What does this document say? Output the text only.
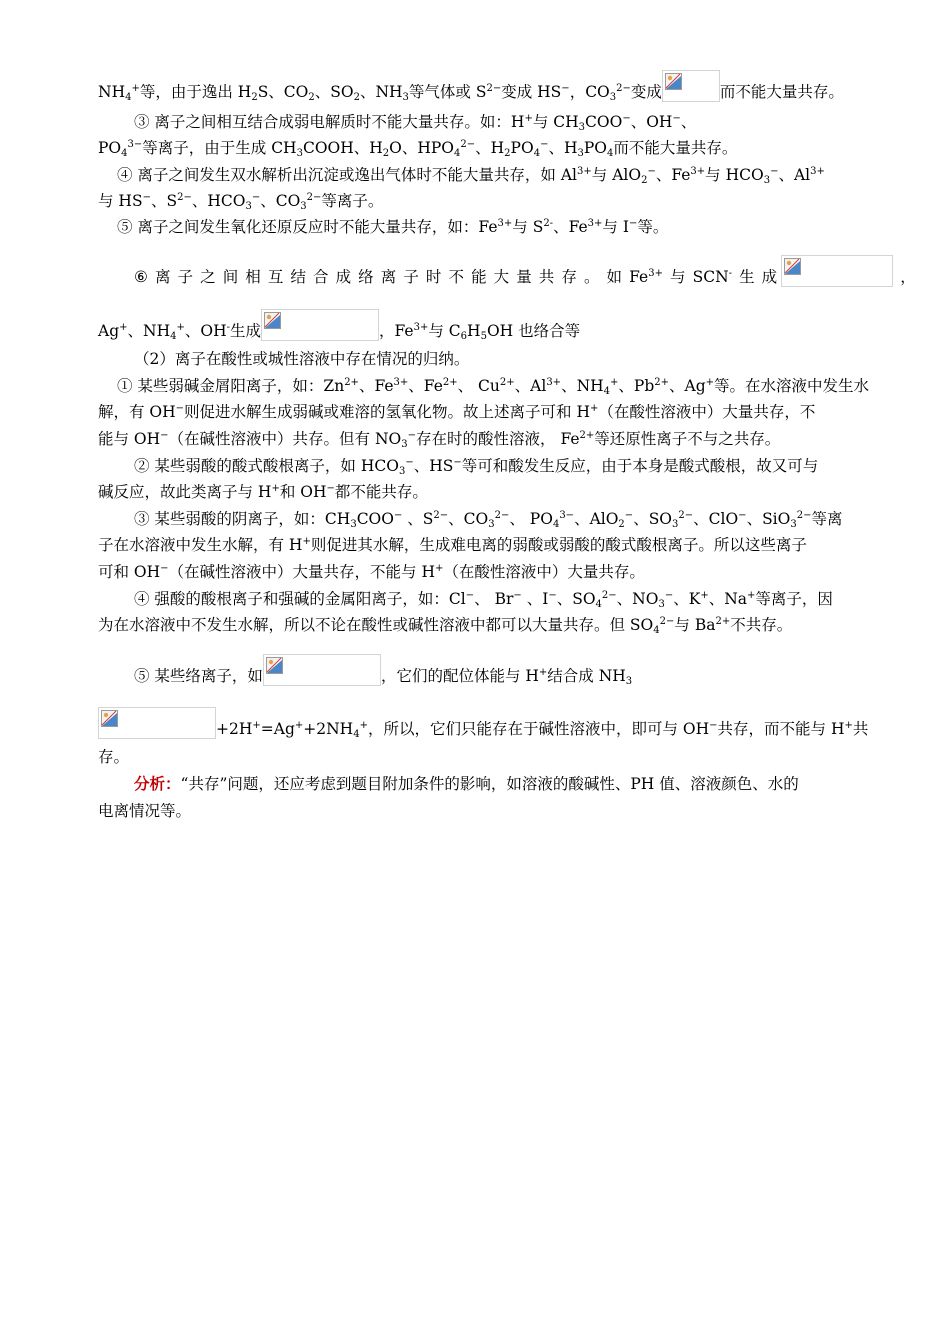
$NH_4^+$等，由于逸出 $H_2S$、$CO_2$、$SO_2$、$NH_3$等气体或 $S^{2-}$变成 HS−，$CO_3^{2-}$变成	而不能大量共存。
③ 离子之间相互结合成弱电解质时不能大量共存。如：H+与 $CH_3COO^-$、OH−、
$PO_4^{3-}$等离子，由于生成 $CH_3COOH$、$H_2O$、$HPO_4^{2-}$、$H_2PO_4^-$、$H_3PO_4$而不能大量共存。
④ 离子之间发生双水解析出沉淀或逸出气体时不能大量共存，如 $Al^{3+}$与 AlO$_2$−、$Fe^{3+}$与 $HCO_3^-$、$Al^{3+}$
与 HS−、$S^{2-}$、$HCO_3^-$、$CO_3^{2-}$等离子。
⑤ 离子之间发生氧化还原反应时不能大量共存，如：$Fe^{3+}$与 $S^{2-}$、$Fe^{3+}$与 I−等。
⑥ 离 子 之 间 相 互 结 合 成 络 离 子 时 不 能 大 量 共 存 。 如 $Fe^{3+}$ 与 SCN- 生 成	，
Ag+、$NH_4^+$、OH-生成	，$Fe^{3+}$与 $C_6H_5OH$ 也络合等
（2）离子在酸性或城性溶液中存在情况的归纳。
① 某些弱碱金屑阳离子，如：$Zn^{2+}$、$Fe^{3+}$、$Fe^{2+}$、 $Cu^{2+}$、$Al^{3+}$、$NH_4^+$、$Pb^{2+}$、Ag+等。在水溶液中发生水
解，有 OH−则促进水解生成弱碱或难溶的氢氧化物。故上述离子可和 H+（在酸性溶液中）大量共存，不
能与 OH−（在碱性溶液中）共存。但有 $NO_3^-$存在时的酸性溶液， $Fe^{2+}$等还原性离子不与之共存。
② 某些弱酸的酸式酸根离子，如 $HCO_3^-$、HS−等可和酸发生反应，由于本身是酸式酸根，故又可与
碱反应，故此类离子与 H+和 OH−都不能共存。
③ 某些弱酸的阴离子，如：$CH_3COO^-$ 、$S^{2-}$、$CO_3^{2-}$、 $PO_4^{3-}$、AlO$_2$−、$SO_3^{2-}$、ClO−、SiO$_3^{2-}$等离
子在水溶液中发生水解，有 H+则促进其水解，生成难电离的弱酸或弱酸的酸式酸根离子。所以这些离子
可和 OH−（在碱性溶液中）大量共存，不能与 H+（在酸性溶液中）大量共存。
④ 强酸的酸根离子和强碱的金属阳离子，如：Cl−、 Br− 、I−、$SO_4^{2-}$、$NO_3^-$、K+、Na+等离子，因
为在水溶液中不发生水解，所以不论在酸性或碱性溶液中都可以大量共存。但 $SO_4^{2-}$与 $Ba^{2+}$不共存。
⑤ 某些络离子，如	，它们的配位体能与 H+结合成 $NH_3$
$+2H^+=Ag^++2NH_4^+$，所以，它们只能存在于碱性溶液中，即可与 OH−共存，而不能与 H+共
存。
分析：“共存”问题，还应考虑到题目附加条件的影响，如溶液的酸碱性、PH 值、溶液颜色、水的
电离情况等。
